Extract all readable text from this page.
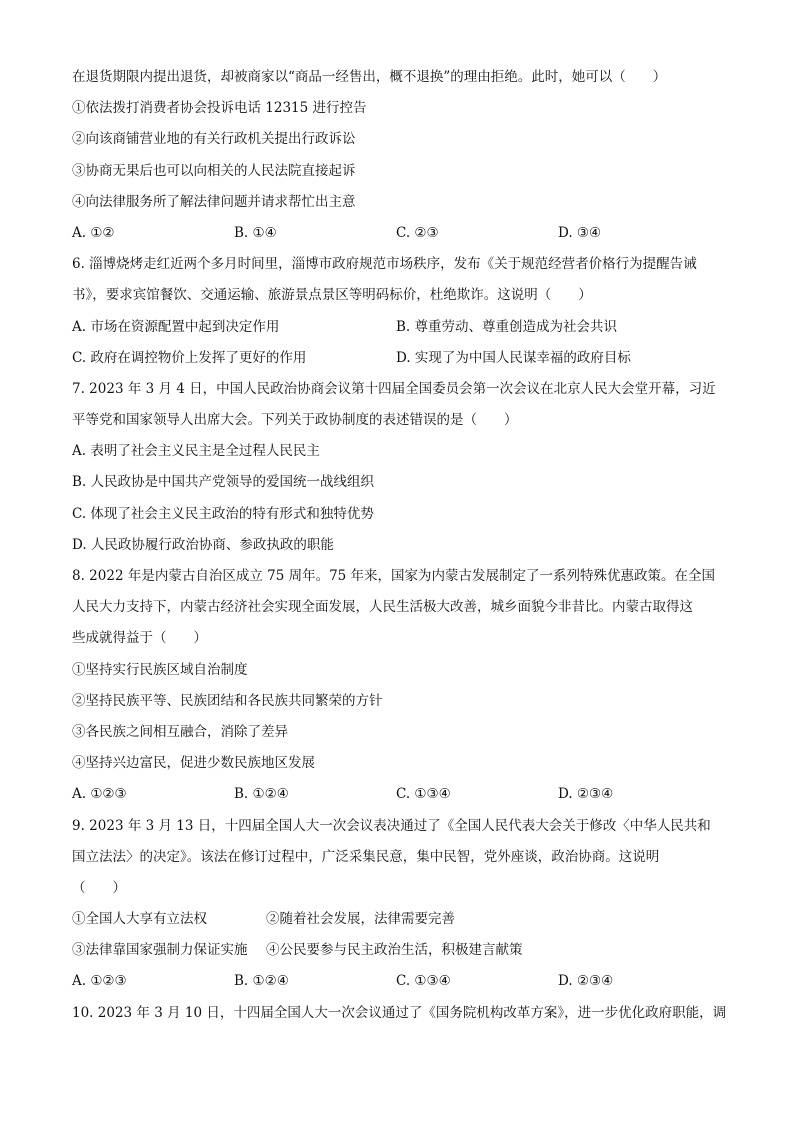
在退货期限内提出退货，却被商家以“商品一经售出，概不退换”的理由拒绝。此时，她可以（　　）
①依法拨打消费者协会投诉电话 12315 进行控告
②向该商铺营业地的有关行政机关提出行政诉讼
③协商无果后也可以向相关的人民法院直接起诉
④向法律服务所了解法律问题并请求帮忙出主意
A. ①②	B. ①④	C. ②③	D. ③④
6. 淄博烧烤走红近两个多月时间里，淄博市政府规范市场秩序，发布《关于规范经营者价格行为提醒告诫
书》，要求宾馆餐饮、交通运输、旅游景点景区等明码标价，杜绝欺诈。这说明（　　）
A. 市场在资源配置中起到决定作用	B. 尊重劳动、尊重创造成为社会共识
C. 政府在调控物价上发挥了更好的作用	D. 实现了为中国人民谋幸福的政府目标
7. 2023 年 3 月 4 日，中国人民政治协商会议第十四届全国委员会第一次会议在北京人民大会堂开幕，习近
平等党和国家领导人出席大会。下列关于政协制度的表述错误的是（　　）
A. 表明了社会主义民主是全过程人民民主
B. 人民政协是中国共产党领导的爱国统一战线组织
C. 体现了社会主义民主政治的特有形式和独特优势
D. 人民政协履行政治协商、参政执政的职能
8. 2022 年是内蒙古自治区成立 75 周年。75 年来，国家为内蒙古发展制定了一系列特殊优惠政策。在全国
人民大力支持下，内蒙古经济社会实现全面发展，人民生活极大改善，城乡面貌今非昔比。内蒙古取得这
些成就得益于（　　）
①坚持实行民族区域自治制度
②坚持民族平等、民族团结和各民族共同繁荣的方针
③各民族之间相互融合，消除了差异
④坚持兴边富民，促进少数民族地区发展
A. ①②③	B. ①②④	C. ①③④	D. ②③④
9. 2023 年 3 月 13 日，十四届全国人大一次会议表决通过了《全国人民代表大会关于修改〈中华人民共和
国立法法〉的决定》。该法在修订过程中，广泛采集民意，集中民智，党外座谈，政治协商。这说明
（　　）
①全国人大享有立法权	②随着社会发展，法律需要完善
③法律靠国家强制力保证实施 ④公民要参与民主政治生活，积极建言献策
A. ①②③	B. ①②④	C. ①③④	D. ②③④
10. 2023 年 3 月 10 日，十四届全国人大一次会议通过了《国务院机构改革方案》，进一步优化政府职能，调
